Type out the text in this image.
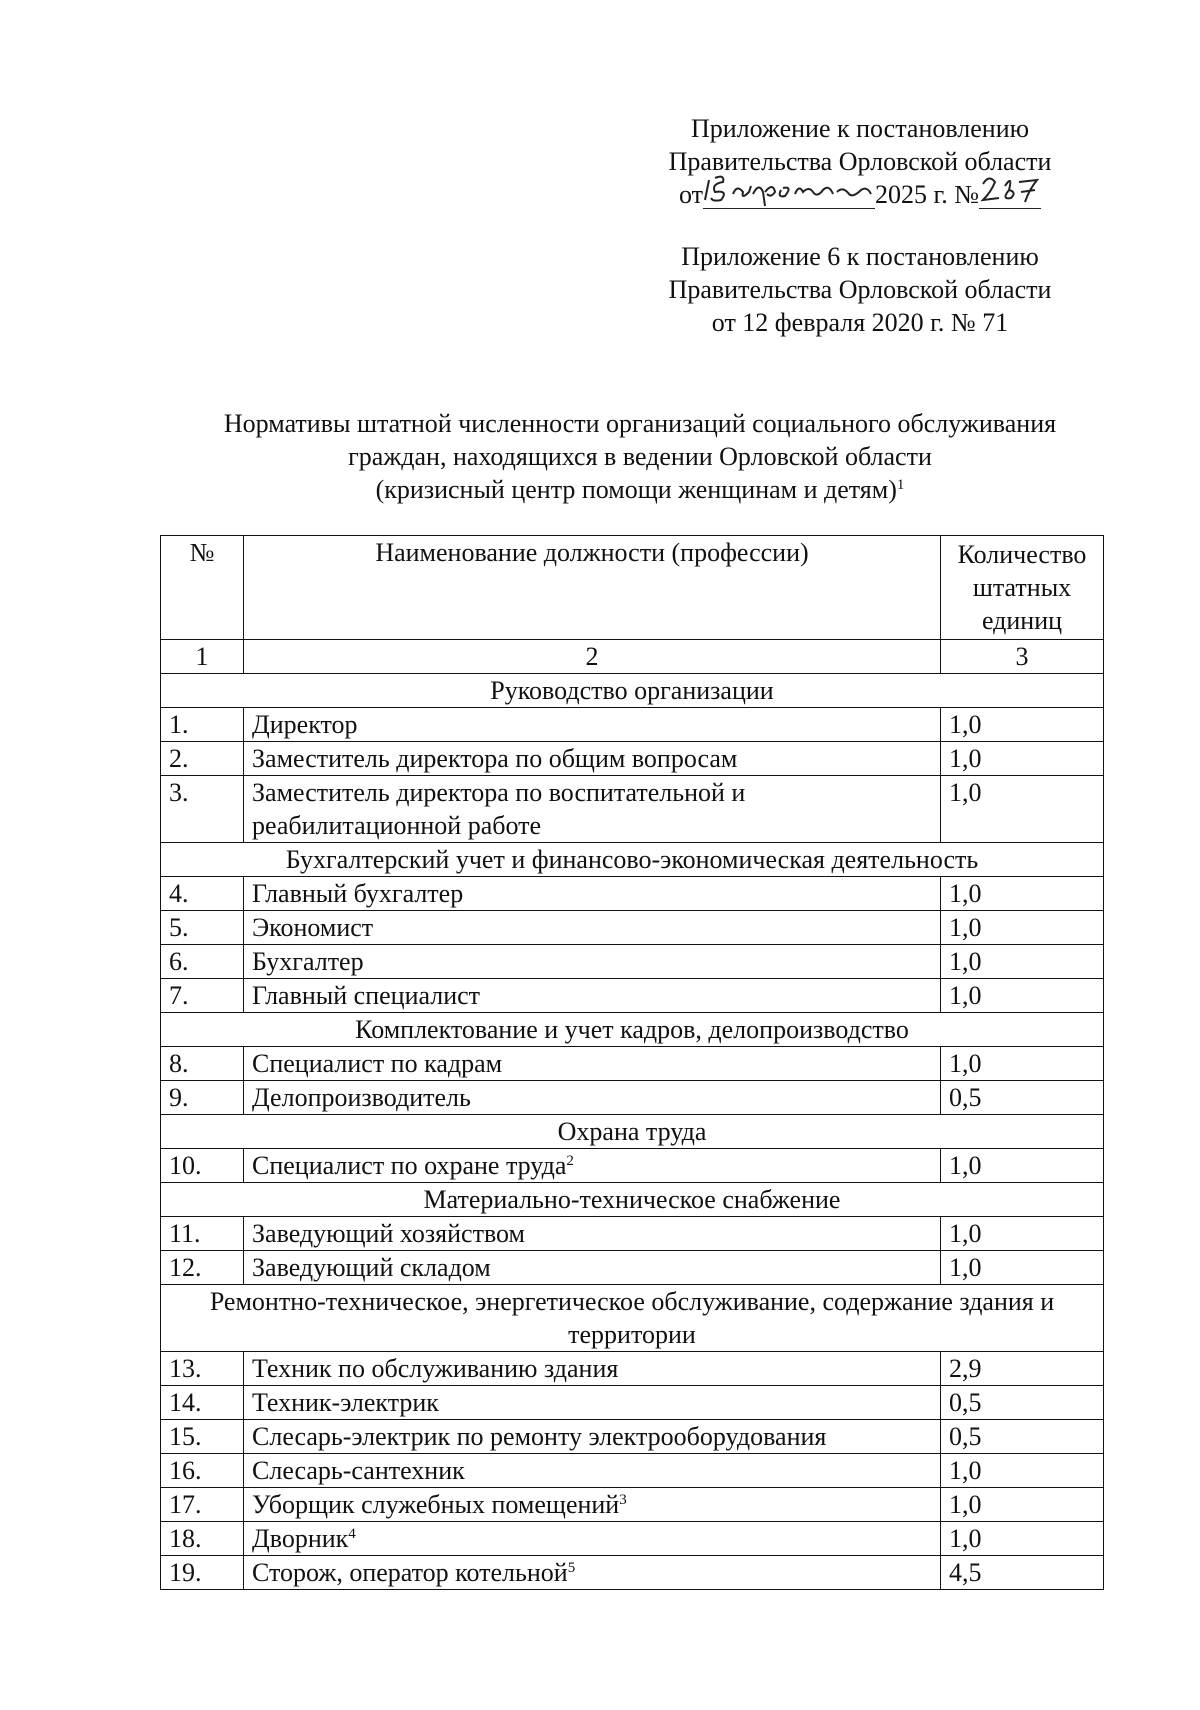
Приложение к постановлению
Правительства Орловской области
от	2025 г. №
Приложение 6 к постановлению
Правительства Орловской области
от 12 февраля 2020 г. № 71
Нормативы штатной численности организаций социального обслуживания
граждан, находящихся в ведении Орловской области
(кризисный центр помощи женщинам и детям)$^1$
№	Наименование должности (профессии)	Количество штатных единиц
1	2	3
Руководство организации		
1.	Директор	1,0
2.	Заместитель директора по общим вопросам	1,0
3.	Заместитель директора по воспитательной и реабилитационной работе	1,0
Бухгалтерский учет и финансово-экономическая деятельность		
4.	Главный бухгалтер	1,0
5.	Экономист	1,0
6.	Бухгалтер	1,0
7.	Главный специалист	1,0
Комплектование и учет кадров, делопроизводство		
8.	Специалист по кадрам	1,0
9.	Делопроизводитель	0,5
Охрана труда		
10.	Специалист по охране труда$^2$	1,0
Материально-техническое снабжение		
11.	Заведующий хозяйством	1,0
12.	Заведующий складом	1,0
Ремонтно-техническое, энергетическое обслуживание, содержание здания и территории		
13.	Техник по обслуживанию здания	2,9
14.	Техник-электрик	0,5
15.	Слесарь-электрик по ремонту электрооборудования	0,5
16.	Слесарь-сантехник	1,0
17.	Уборщик служебных помещений$^3$	1,0
18.	Дворник$^4$	1,0
19.	Сторож, оператор котельной$^5$	4,5
